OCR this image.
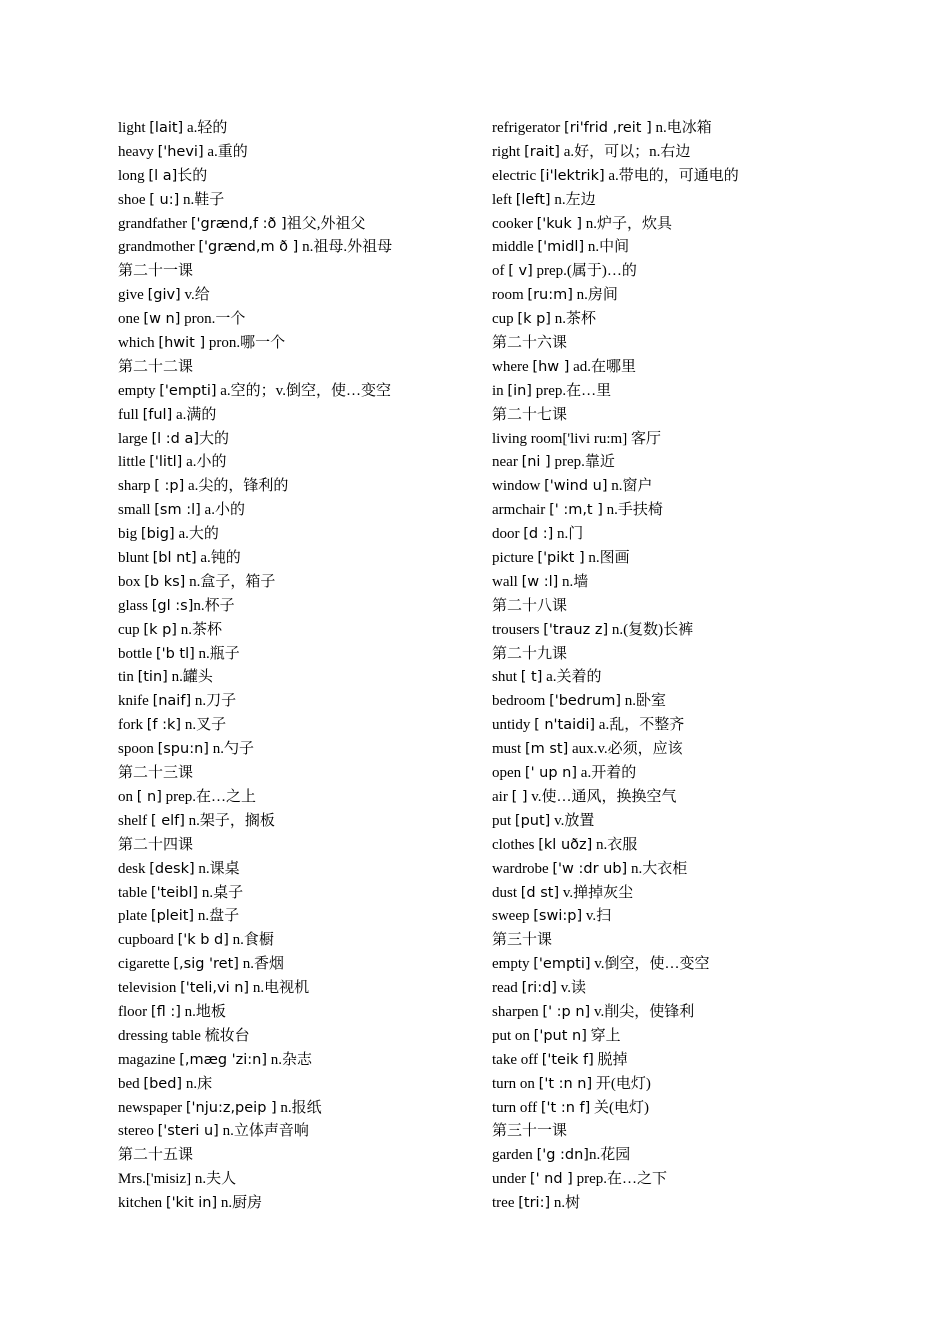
light [lait] a.轻的
heavy ['hevi] a.重的
long [l a]长的
shoe [ u:] n.鞋子
grandfather ['grænd,f :ð ]祖父,外祖父
grandmother ['grænd,m ð ] n.祖母.外祖母
第二十一课
give [giv] v.给
one [w n] pron.一个
which [hwit ] pron.哪一个
第二十二课
empty ['empti] a.空的；v.倒空，使…变空
full [ful] a.满的
large [l :d a]大的
little ['litl] a.小的
sharp [ :p] a.尖的，锋利的
small [sm :l] a.小的
big [big] a.大的
blunt [bl nt] a.钝的
box [b ks] n.盒子，箱子
glass [gl :s]n.杯子
cup [k p] n.茶杯
bottle ['b tl] n.瓶子
tin [tin] n.罐头
knife [naif] n.刀子
fork [f :k] n.叉子
spoon [spu:n] n.勺子
第二十三课
on [ n] prep.在…之上
shelf [ elf] n.架子，搁板
第二十四课
desk [desk] n.课桌
table ['teibl] n.桌子
plate [pleit] n.盘子
cupboard ['k b d] n.食橱
cigarette [,sig 'ret] n.香烟
television ['teli,vi n] n.电视机
floor [fl :] n.地板
dressing table 梳妆台
magazine [,mæg 'zi:n] n.杂志
bed [bed] n.床
newspaper ['nju:z,peip ] n.报纸
stereo ['steri u] n.立体声音响
第二十五课
Mrs.['misiz] n.夫人
kitchen ['kit in] n.厨房
refrigerator [ri'frid ,reit ] n.电冰箱
right [rait] a.好，可以；n.右边
electric [i'lektrik] a.带电的，可通电的
left [left] n.左边
cooker ['kuk ] n.炉子，炊具
middle ['midl] n.中间
of [ v] prep.(属于)…的
room [ru:m] n.房间
cup [k p] n.茶杯
第二十六课
where [hw ] ad.在哪里
in [in] prep.在…里
第二十七课
living room['livi ru:m] 客厅
near [ni ] prep.靠近
window ['wind u] n.窗户
armchair [' :m,t ] n.手扶椅
door [d :] n.门
picture ['pikt ] n.图画
wall [w :l] n.墙
第二十八课
trousers ['trauz z] n.(复数)长裤
第二十九课
shut [ t] a.关着的
bedroom ['bedrum] n.卧室
untidy [ n'taidi] a.乱，不整齐
must [m st] aux.v.必须，应该
open [' up n] a.开着的
air [ ] v.使…通风，换换空气
put [put] v.放置
clothes [kl uðz] n.衣服
wardrobe ['w :dr ub] n.大衣柜
dust [d st] v.掸掉灰尘
sweep [swi:p] v.扫
第三十课
empty ['empti] v.倒空，使…变空
read [ri:d] v.读
sharpen [' :p n] v.削尖，使锋利
put on ['put n] 穿上
take off ['teik f] 脱掉
turn on ['t :n n] 开(电灯)
turn off ['t :n f] 关(电灯)
第三十一课
garden ['g :dn]n.花园
under [' nd ] prep.在…之下
tree [tri:] n.树
